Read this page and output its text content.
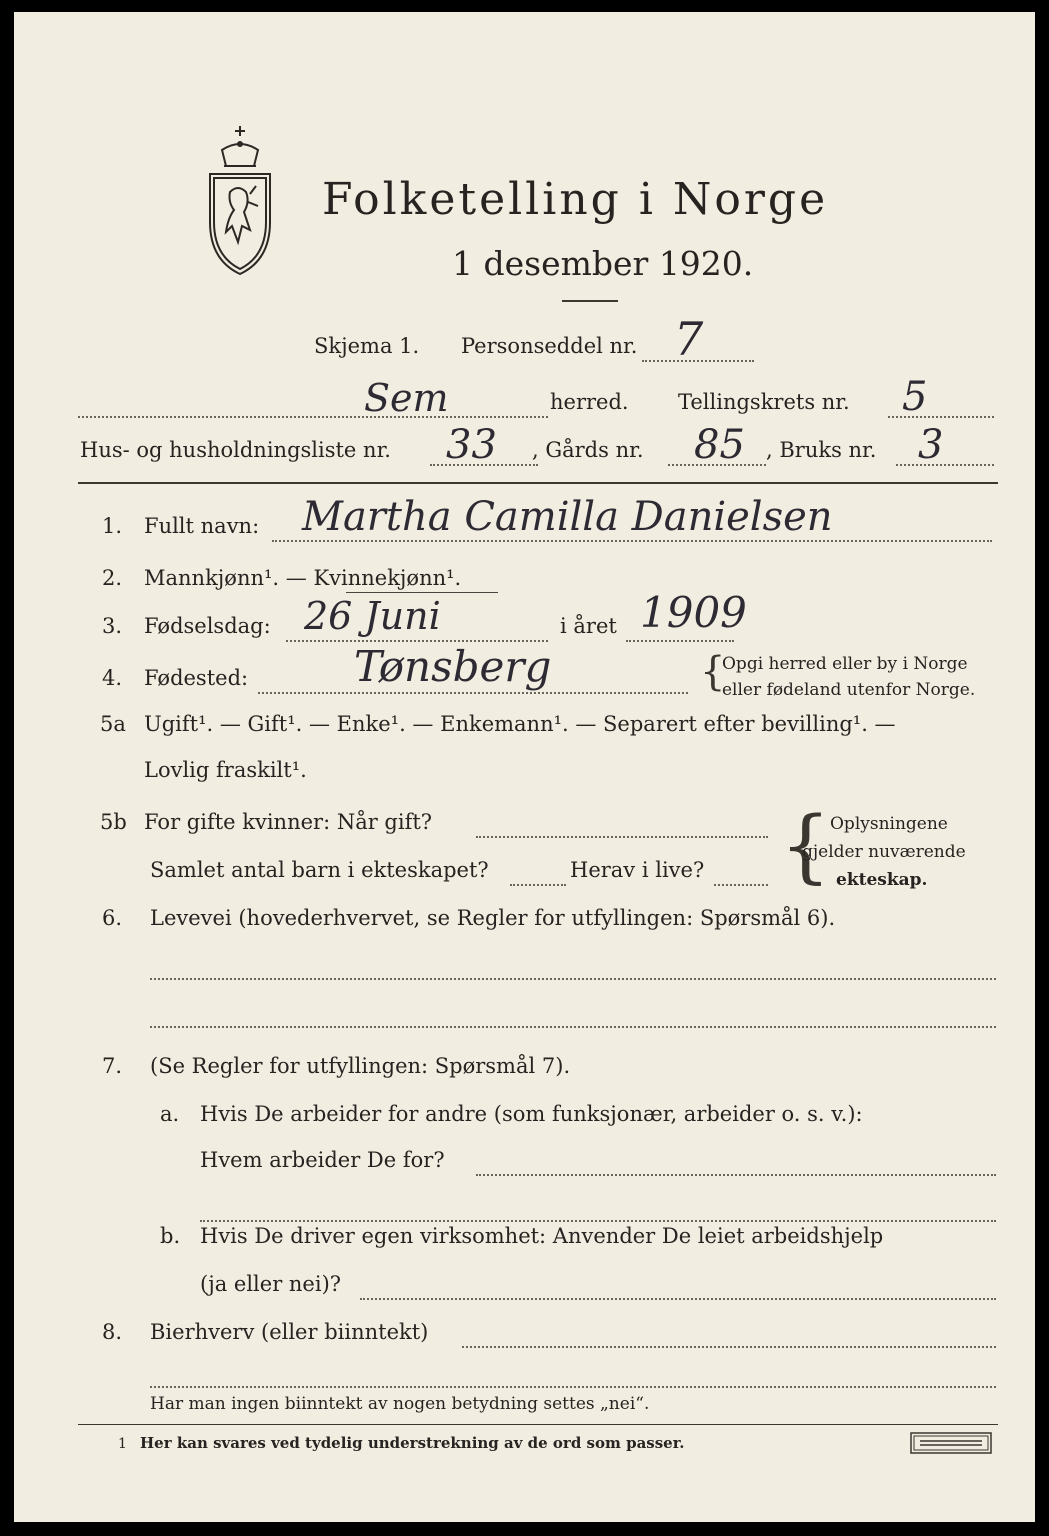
Folketelling i Norge
1 desember 1920.
Skjema 1. Personseddel nr. 7
Sem	herred. Tellingskrets nr. 5
Hus- og husholdningsliste nr. 33 , Gårds nr. 85 , Bruks nr. 3
1. Fullt navn: Martha Camilla Danielsen
2. Mannkjønn¹. — Kvinnekjønn¹.
3. Fødselsdag: 26 Juni	i året 1909
4. Fødested:	Tønsberg	{
Opgi herred eller by i Norge
eller fødeland utenfor Norge.
5a Ugift¹. — Gift¹. — Enke¹. — Enkemann¹. — Separert efter bevilling¹. —
Lovlig fraskilt¹.
5b For gifte kvinner: Når gift?
Samlet antal barn i ekteskapet?	Herav i live? { Oplysningene
gjelder nuværende
ekteskap.
6. Levevei (hovederhvervet, se Regler for utfyllingen: Spørsmål 6).
7. (Se Regler for utfyllingen: Spørsmål 7).
a. Hvis De arbeider for andre (som funksjonær, arbeider o. s. v.):
Hvem arbeider De for?
b. Hvis De driver egen virksomhet: Anvender De leiet arbeidshjelp
(ja eller nei)?
8. Bierhverv (eller biinntekt)
Har man ingen biinntekt av nogen betydning settes „nei“.
1 Her kan svares ved tydelig understrekning av de ord som passer.
